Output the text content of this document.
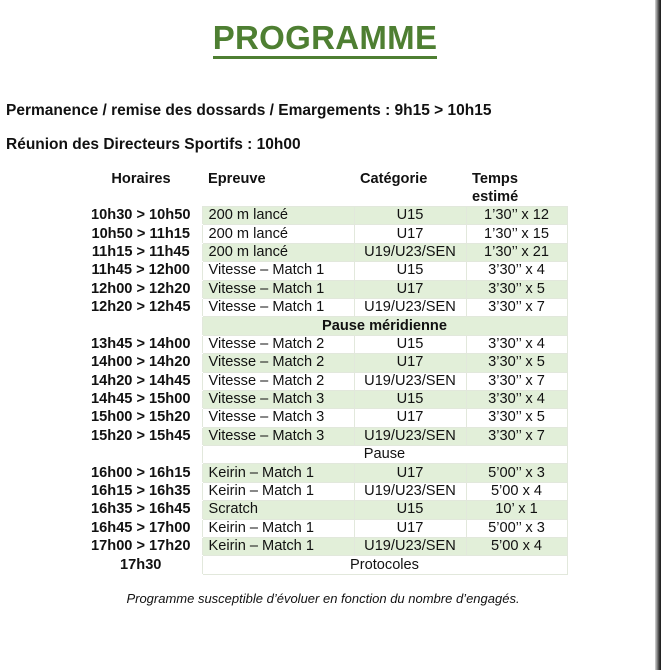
PROGRAMME
Permanence / remise des dossards / Emargements : 9h15 > 10h15
Réunion des Directeurs Sportifs : 10h00
Horaires	Epreuve	Catégorie	Temps estimé
10h30 > 10h50	200 m lancé	U15	1’30’’ x 12
10h50 > 11h15	200 m lancé	U17	1’30’’ x 15
11h15 > 11h45	200 m lancé	U19/U23/SEN	1’30’’ x 21
11h45 > 12h00	Vitesse – Match 1	U15	3’30’’ x 4
12h00 > 12h20	Vitesse – Match 1	U17	3’30’’ x 5
12h20 > 12h45	Vitesse – Match 1	U19/U23/SEN	3’30’’ x 7
	Pause méridienne		
13h45 > 14h00	Vitesse – Match 2	U15	3’30’’ x 4
14h00 > 14h20	Vitesse – Match 2	U17	3’30’’ x 5
14h20 > 14h45	Vitesse – Match 2	U19/U23/SEN	3’30’’ x 7
14h45 > 15h00	Vitesse – Match 3	U15	3’30’’ x 4
15h00 > 15h20	Vitesse – Match 3	U17	3’30’’ x 5
15h20 > 15h45	Vitesse – Match 3	U19/U23/SEN	3’30’’ x 7
	Pause		
16h00 > 16h15	Keirin – Match 1	U17	5’00’’ x 3
16h15 > 16h35	Keirin – Match 1	U19/U23/SEN	5’00 x 4
16h35 > 16h45	Scratch	U15	10’ x 1
16h45 > 17h00	Keirin – Match 1	U17	5’00’’ x 3
17h00 > 17h20	Keirin – Match 1	U19/U23/SEN	5’00 x 4
17h30	Protocoles		
Programme susceptible d’évoluer en fonction du nombre d’engagés.
